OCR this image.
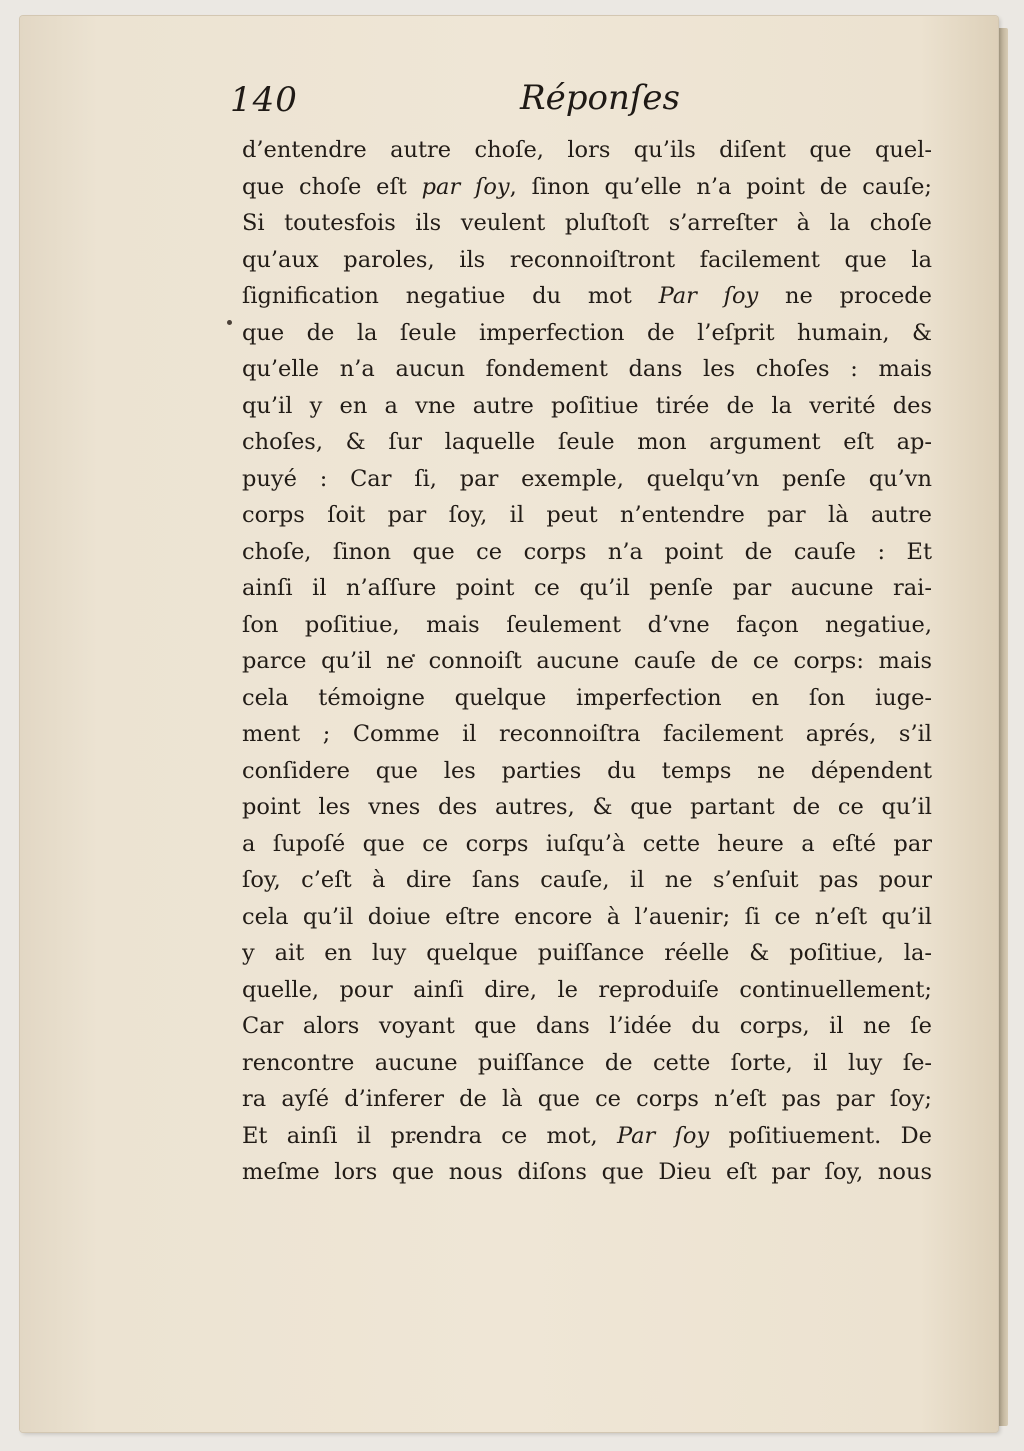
140	Réponſes
d’entendre autre choſe, lors qu’ils diſent que quel-
que choſe eſt par ſoy, ſinon qu’elle n’a point de cauſe;
Si toutesfois ils veulent pluſtoſt s’arreſter à la choſe
qu’aux paroles, ils reconnoiſtront facilement que la
ſignification negatiue du mot Par ſoy ne procede
que de la ſeule imperfection de l’eſprit humain, &
qu’elle n’a aucun fondement dans les choſes : mais
qu’il y en a vne autre poſitiue tirée de la verité des
choſes, & ſur laquelle ſeule mon argument eſt ap-
puyé : Car ſi, par exemple, quelqu’vn penſe qu’vn
corps ſoit par ſoy, il peut n’entendre par là autre
choſe, ſinon que ce corps n’a point de cauſe : Et
ainſi il n’aſſure point ce qu’il penſe par aucune rai-
ſon poſitiue, mais ſeulement d’vne façon negatiue,
parce qu’il ne connoiſt aucune cauſe de ce corps: mais
cela témoigne quelque imperfection en ſon iuge-
ment ; Comme il reconnoiſtra facilement aprés, s’il
conſidere que les parties du temps ne dépendent
point les vnes des autres, & que partant de ce qu’il
a ſupoſé que ce corps iuſqu’à cette heure a eſté par
ſoy, c’eſt à dire ſans cauſe, il ne s’enſuit pas pour
cela qu’il doiue eſtre encore à l’auenir; ſi ce n’eſt qu’il
y ait en luy quelque puiſſance réelle & poſitiue, la-
quelle, pour ainſi dire, le reproduiſe continuellement;
Car alors voyant que dans l’idée du corps, il ne ſe
rencontre aucune puiſſance de cette ſorte, il luy ſe-
ra ayſé d’inferer de là que ce corps n’eſt pas par ſoy;
Et ainſi il prendra ce mot, Par ſoy poſitiuement. De
meſme lors que nous diſons que Dieu eſt par ſoy, nous
